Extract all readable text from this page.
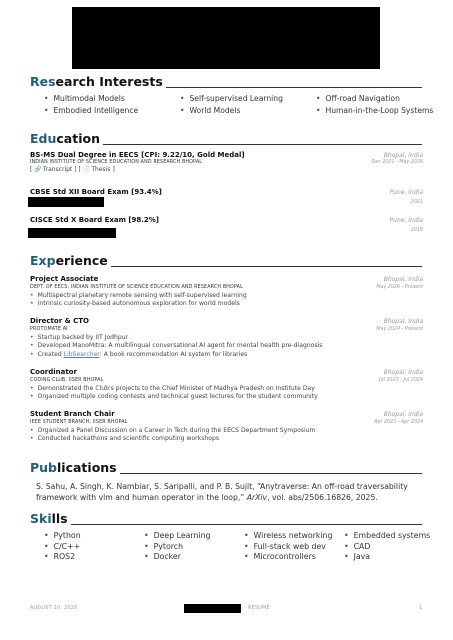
Research Interests
• Multimodal Models	• Self-supervised Learning	• Off-road Navigation
• Embodied Intelligence	• World Models	• Human-in-the-Loop Systems
Education
BS-MS Dual Degree in EECS [CPI: 9.22/10, Gold Medal]	Bhopal, India
INDIAN INSTITUTE OF SCIENCE EDUCATION AND RESEARCH BHOPAL	Dec 2021 - May 2026
[ 🔗Transcript ] [ 📄Thesis ]
CBSE Std XII Board Exam [93.4%]	Pune, India
2021
CISCE Std X Board Exam [98.2%]	Pune, India
2019
Experience
Project Associate	Bhopal, India
DEPT. OF EECS, INDIAN INSTITUTE OF SCIENCE EDUCATION AND RESEARCH BHOPAL	May 2026 - Present
• Multispectral planetary remote sensing with self-supervised learning
• Intrinsic curiosity-based autonomous exploration for world models
Director & CTO	Bhopal, India
PROTOMATE AI	May 2024 - Present
• Startup backed by IIT Jodhpur
• Developed ManoMitra: A multilingual conversational AI agent for mental health pre-diagnosis
• Created LibSearcher: A book recommendation AI system for libraries
Coordinator	Bhopal, India
CODING CLUB, IISER BHOPAL	Jul 2023 - Jul 2024
• Demonstrated the Club's projects to the Chief Minister of Madhya Pradesh on Institute Day
• Organized multiple coding contests and technical guest lectures for the student community
Student Branch Chair	Bhopal, India
IEEE STUDENT BRANCH, IISER BHOPAL	Apr 2023 - Apr 2024
• Organized a Panel Discussion on a Career in Tech during the EECS Department Symposium
• Conducted hackathons and scientific computing workshops
Publications
S. Sahu, A. Singh, K. Nambiar, S. Saripalli, and P. B. Sujit, “Anytraverse: An off-road traversability framework with vlm and human operator in the loop,” ArXiv, vol. abs/2506.16826, 2025.
Skills
• Python	• Deep Learning	• Wireless networking	• Embedded systems
• C/C++	• Pytorch	• Full-stack web dev	• CAD
• ROS2	• Docker	• Microcontrollers	• Java
AUGUST 10, 2026	RÉSUMÉ	1
